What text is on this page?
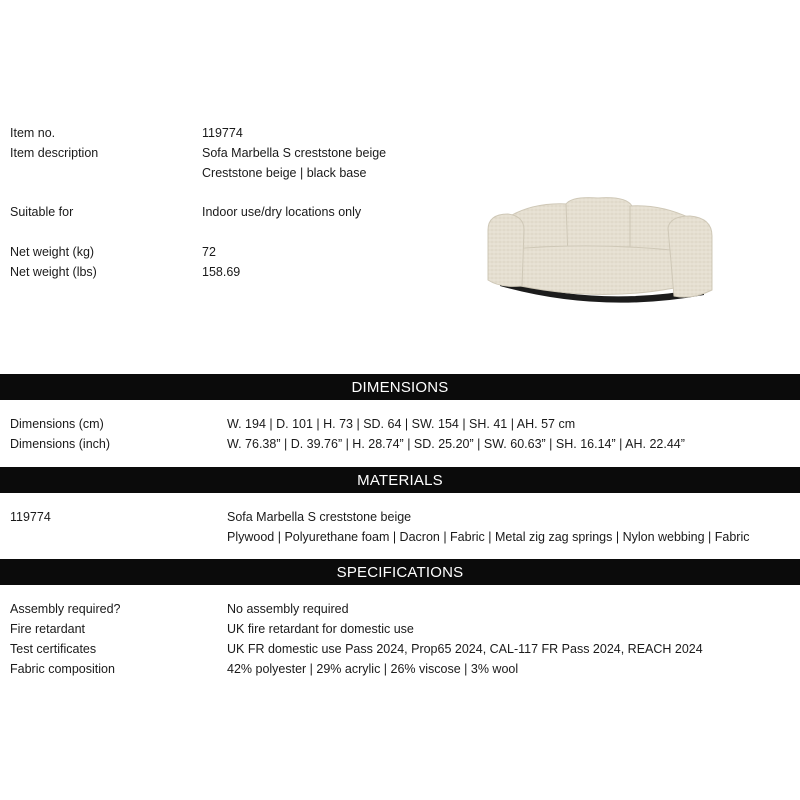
Item no.	119774
Item description	Sofa Marbella S creststone beige
Creststone beige | black base
Suitable for	Indoor use/dry locations only
Net weight (kg)	72
Net weight (lbs)	158.69
DIMENSIONS
Dimensions (cm)	W. 194 | D. 101 | H. 73 | SD. 64 | SW. 154 | SH. 41 | AH. 57 cm
Dimensions (inch)	W. 76.38” | D. 39.76” | H. 28.74” | SD. 25.20” | SW. 60.63” | SH. 16.14” | AH. 22.44”
MATERIALS
119774	Sofa Marbella S creststone beige
Plywood | Polyurethane foam | Dacron | Fabric | Metal zig zag springs | Nylon webbing | Fabric
SPECIFICATIONS
Assembly required?	No assembly required
Fire retardant	UK fire retardant for domestic use
Test certificates	UK FR domestic use Pass 2024, Prop65 2024, CAL-117 FR Pass 2024, REACH 2024
Fabric composition	42% polyester | 29% acrylic | 26% viscose | 3% wool
